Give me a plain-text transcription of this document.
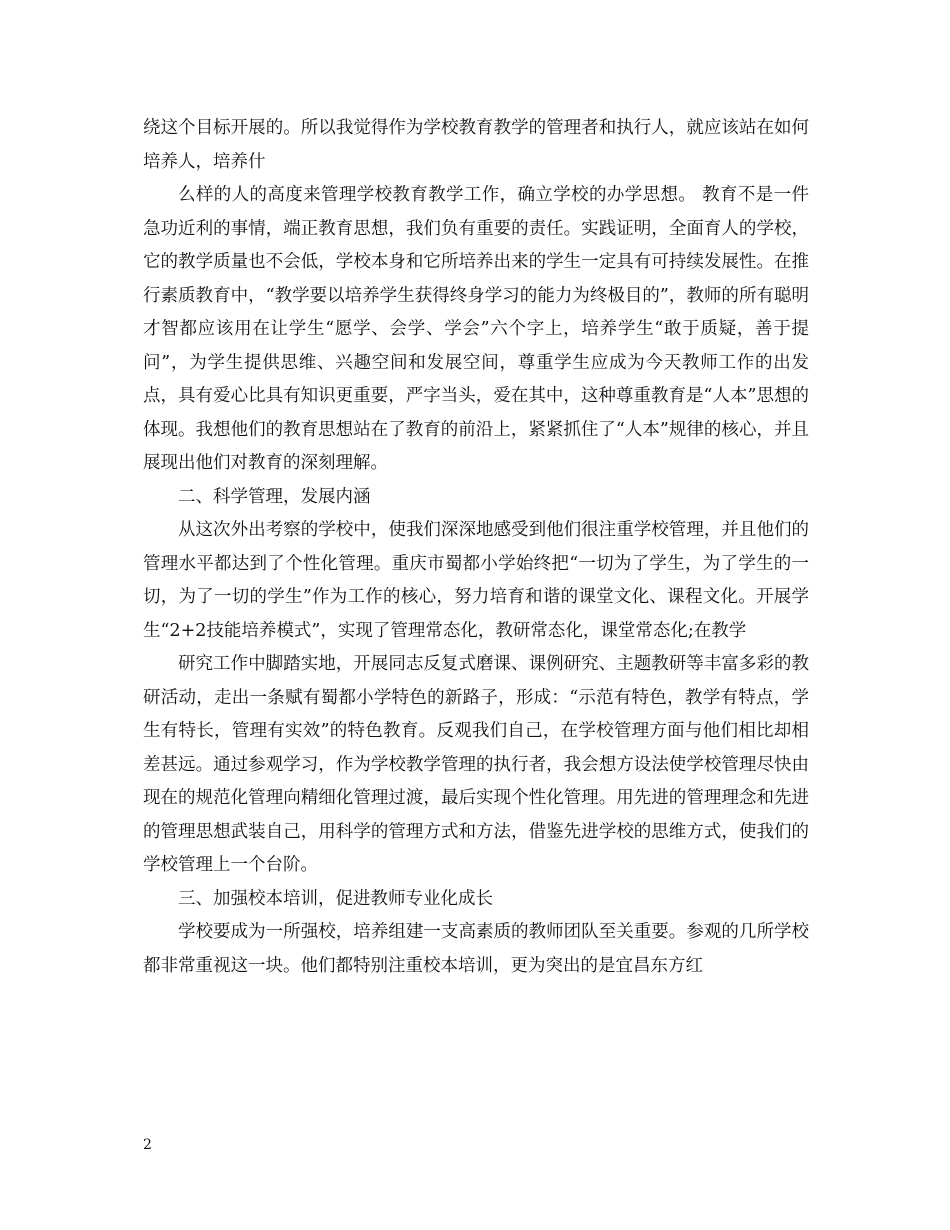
绕这个目标开展的。所以我觉得作为学校教育教学的管理者和执行人，就应该站在如何培养人，培养什

么样的人的高度来管理学校教育教学工作，确立学校的办学思想。 教育不是一件急功近利的事情，端正教育思想，我们负有重要的责任。实践证明，全面育人的学校，它的教学质量也不会低，学校本身和它所培养出来的学生一定具有可持续发展性。在推行素质教育中，“教学要以培养学生获得终身学习的能力为终极目的”，教师的所有聪明才智都应该用在让学生“愿学、会学、学会”六个字上，培养学生“敢于质疑，善于提问”，为学生提供思维、兴趣空间和发展空间，尊重学生应成为今天教师工作的出发点，具有爱心比具有知识更重要，严字当头，爱在其中，这种尊重教育是“人本”思想的体现。我想他们的教育思想站在了教育的前沿上，紧紧抓住了“人本”规律的核心，并且展现出他们对教育的深刻理解。

二、科学管理，发展内涵

从这次外出考察的学校中，使我们深深地感受到他们很注重学校管理，并且他们的管理水平都达到了个性化管理。重庆市蜀都小学始终把“一切为了学生，为了学生的一切，为了一切的学生”作为工作的核心，努力培育和谐的课堂文化、课程文化。开展学生“2+2技能培养模式”，实现了管理常态化，教研常态化，课堂常态化;在教学

研究工作中脚踏实地，开展同志反复式磨课、课例研究、主题教研等丰富多彩的教研活动，走出一条赋有蜀都小学特色的新路子，形成：“示范有特色，教学有特点，学生有特长，管理有实效”的特色教育。反观我们自己，在学校管理方面与他们相比却相差甚远。通过参观学习，作为学校教学管理的执行者，我会想方设法使学校管理尽快由现在的规范化管理向精细化管理过渡，最后实现个性化管理。用先进的管理理念和先进的管理思想武装自己，用科学的管理方式和方法，借鉴先进学校的思维方式，使我们的学校管理上一个台阶。

三、加强校本培训，促进教师专业化成长

学校要成为一所强校，培养组建一支高素质的教师团队至关重要。参观的几所学校都非常重视这一块。他们都特别注重校本培训，更为突出的是宜昌东方红

2
